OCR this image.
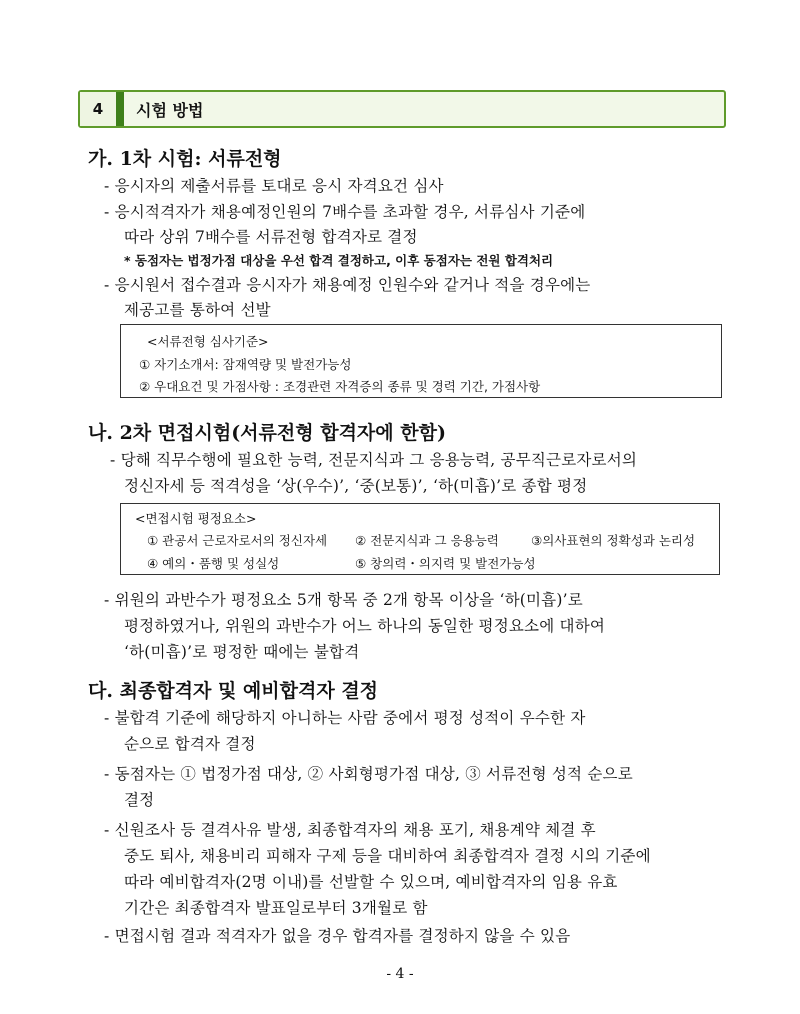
4	시험 방법
가. 1차 시험: 서류전형
- 응시자의 제출서류를 토대로 응시 자격요건 심사
- 응시적격자가 채용예정인원의 7배수를 초과할 경우, 서류심사 기준에
따라 상위 7배수를 서류전형 합격자로 결정
* 동점자는 법정가점 대상을 우선 합격 결정하고, 이후 동점자는 전원 합격처리
- 응시원서 접수결과 응시자가 채용예정 인원수와 같거나 적을 경우에는
제공고를 통하여 선발
<서류전형 심사기준>
① 자기소개서: 잠재역량 및 발전가능성
② 우대요건 및 가점사항 : 조경관련 자격증의 종류 및 경력 기간, 가점사항
나. 2차 면접시험(서류전형 합격자에 한함)
- 당해 직무수행에 필요한 능력, 전문지식과 그 응용능력, 공무직근로자로서의
정신자세 등 적격성을 ‘상(우수)’, ‘중(보통)’, ‘하(미흡)’로 종합 평정
<면접시험 평정요소>
① 관공서 근로자로서의 정신자세 ② 전문지식과 그 응용능력	③의사표현의 정확성과 논리성
④ 예의・품행 및 성실성	⑤ 창의력・의지력 및 발전가능성
- 위원의 과반수가 평정요소 5개 항목 중 2개 항목 이상을 ‘하(미흡)’로
평정하였거나, 위원의 과반수가 어느 하나의 동일한 평정요소에 대하여
‘하(미흡)’로 평정한 때에는 불합격
다. 최종합격자 및 예비합격자 결정
- 불합격 기준에 해당하지 아니하는 사람 중에서 평정 성적이 우수한 자
순으로 합격자 결정
- 동점자는 ① 법정가점 대상, ② 사회형평가점 대상, ③ 서류전형 성적 순으로
결정
- 신원조사 등 결격사유 발생, 최종합격자의 채용 포기, 채용계약 체결 후
중도 퇴사, 채용비리 피해자 구제 등을 대비하여 최종합격자 결정 시의 기준에
따라 예비합격자(2명 이내)를 선발할 수 있으며, 예비합격자의 임용 유효
기간은 최종합격자 발표일로부터 3개월로 함
- 면접시험 결과 적격자가 없을 경우 합격자를 결정하지 않을 수 있음
- 4 -
